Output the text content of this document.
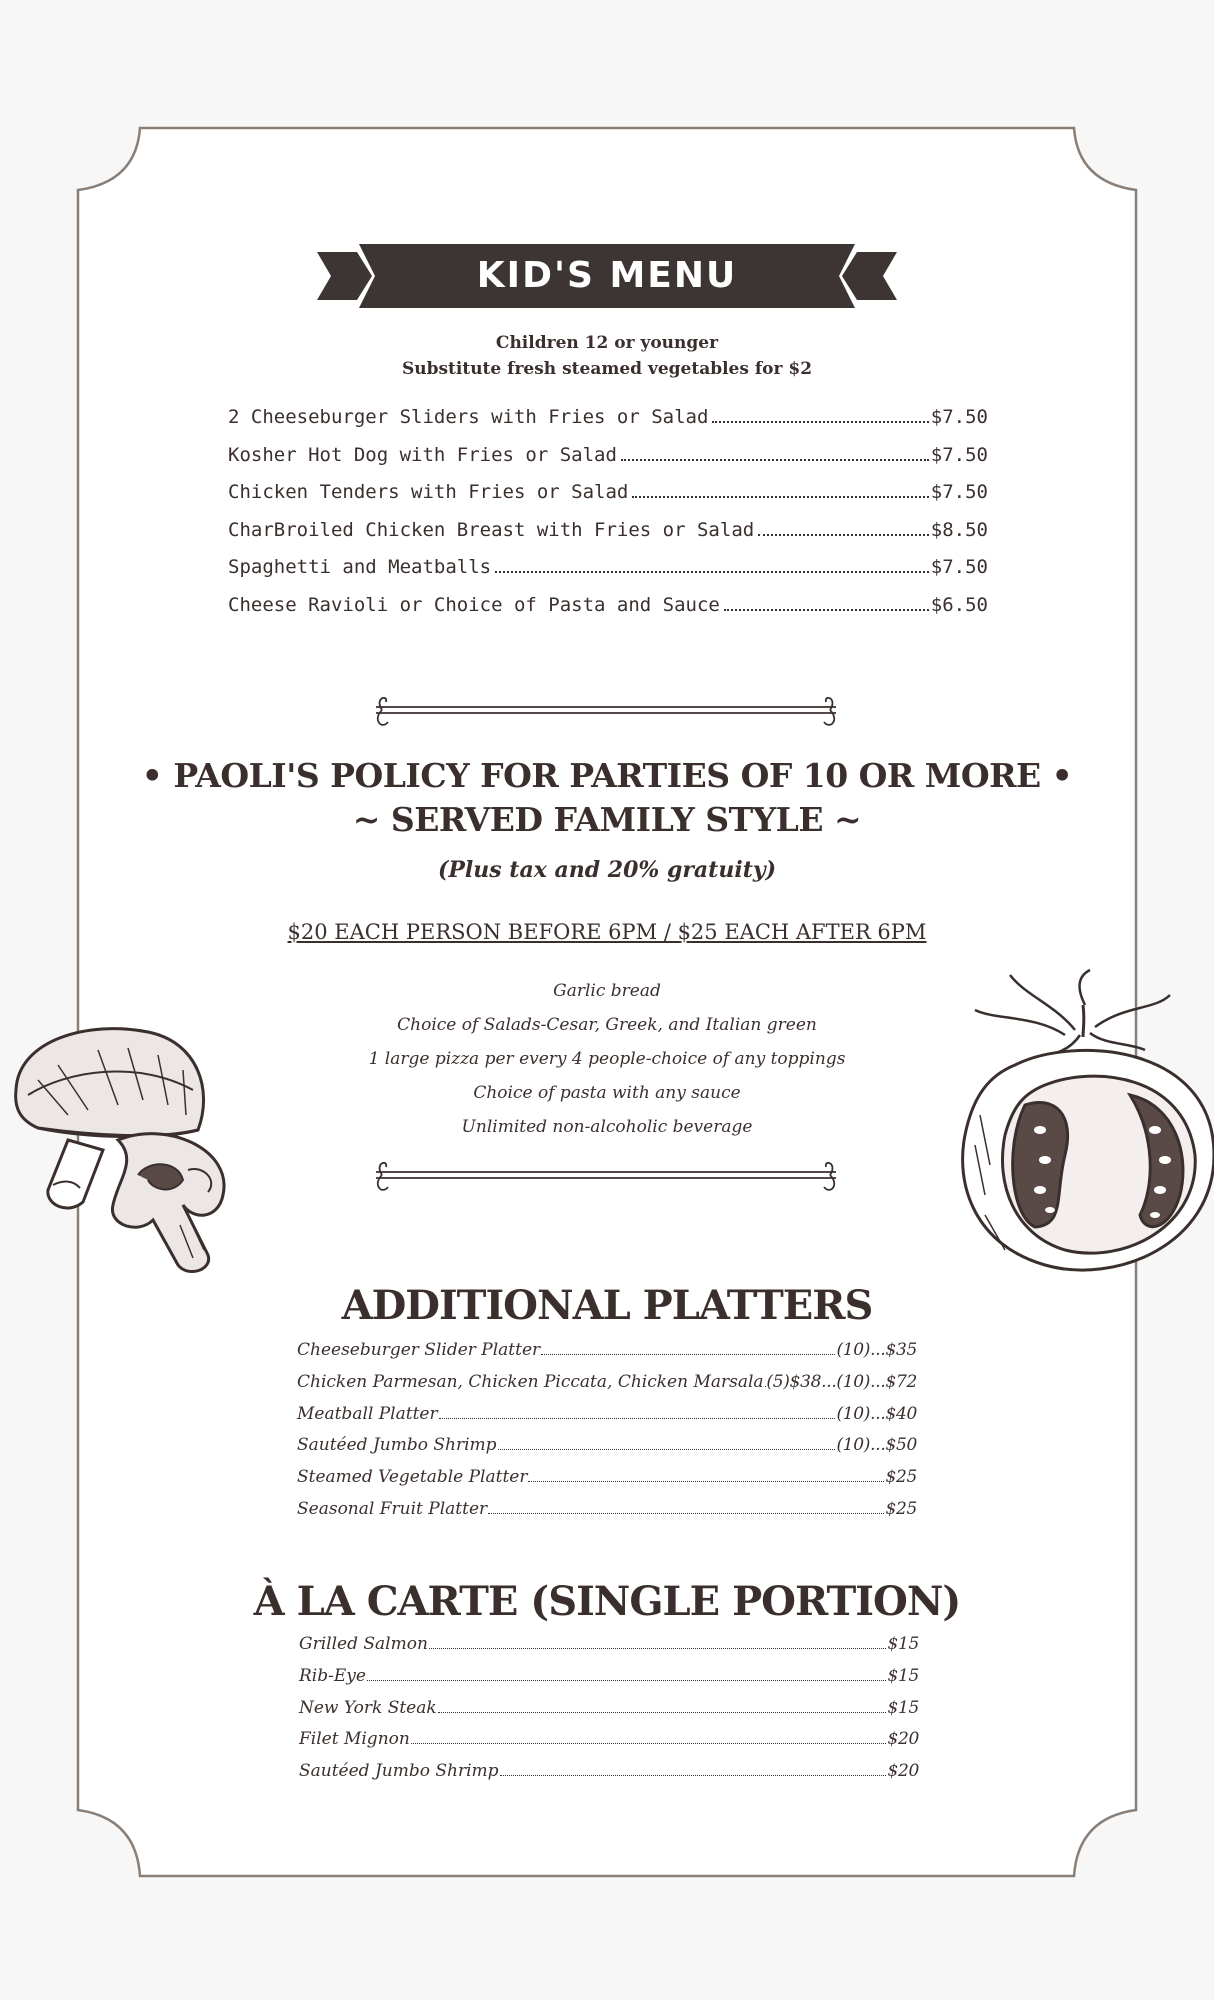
KID'S MENU
Children 12 or younger
Substitute fresh steamed vegetables for $2
2 Cheeseburger Sliders with Fries or Salad	$7.50
Kosher Hot Dog with Fries or Salad	$7.50
Chicken Tenders with Fries or Salad	$7.50
CharBroiled Chicken Breast with Fries or Salad	$8.50
Spaghetti and Meatballs	$7.50
Cheese Ravioli or Choice of Pasta and Sauce	$6.50
• PAOLI'S POLICY FOR PARTIES OF 10 OR MORE •
~ SERVED FAMILY STYLE ~
(Plus tax and 20% gratuity)
$20 EACH PERSON BEFORE 6PM / $25 EACH AFTER 6PM
Garlic bread
Choice of Salads-Cesar, Greek, and Italian green
1 large pizza per every 4 people-choice of any toppings
Choice of pasta with any sauce
Unlimited non-alcoholic beverage
ADDITIONAL PLATTERS
Cheeseburger Slider Platter	(10)...$35
Chicken Parmesan, Chicken Piccata, Chicken Marsala (5)$38...(10)...$72
Meatball Platter	(10)...$40
Sautéed Jumbo Shrimp	(10)...$50
Steamed Vegetable Platter	$25
Seasonal Fruit Platter	$25
À LA CARTE (SINGLE PORTION)
Grilled Salmon	$15
Rib-Eye	$15
New York Steak	$15
Filet Mignon	$20
Sautéed Jumbo Shrimp	$20
